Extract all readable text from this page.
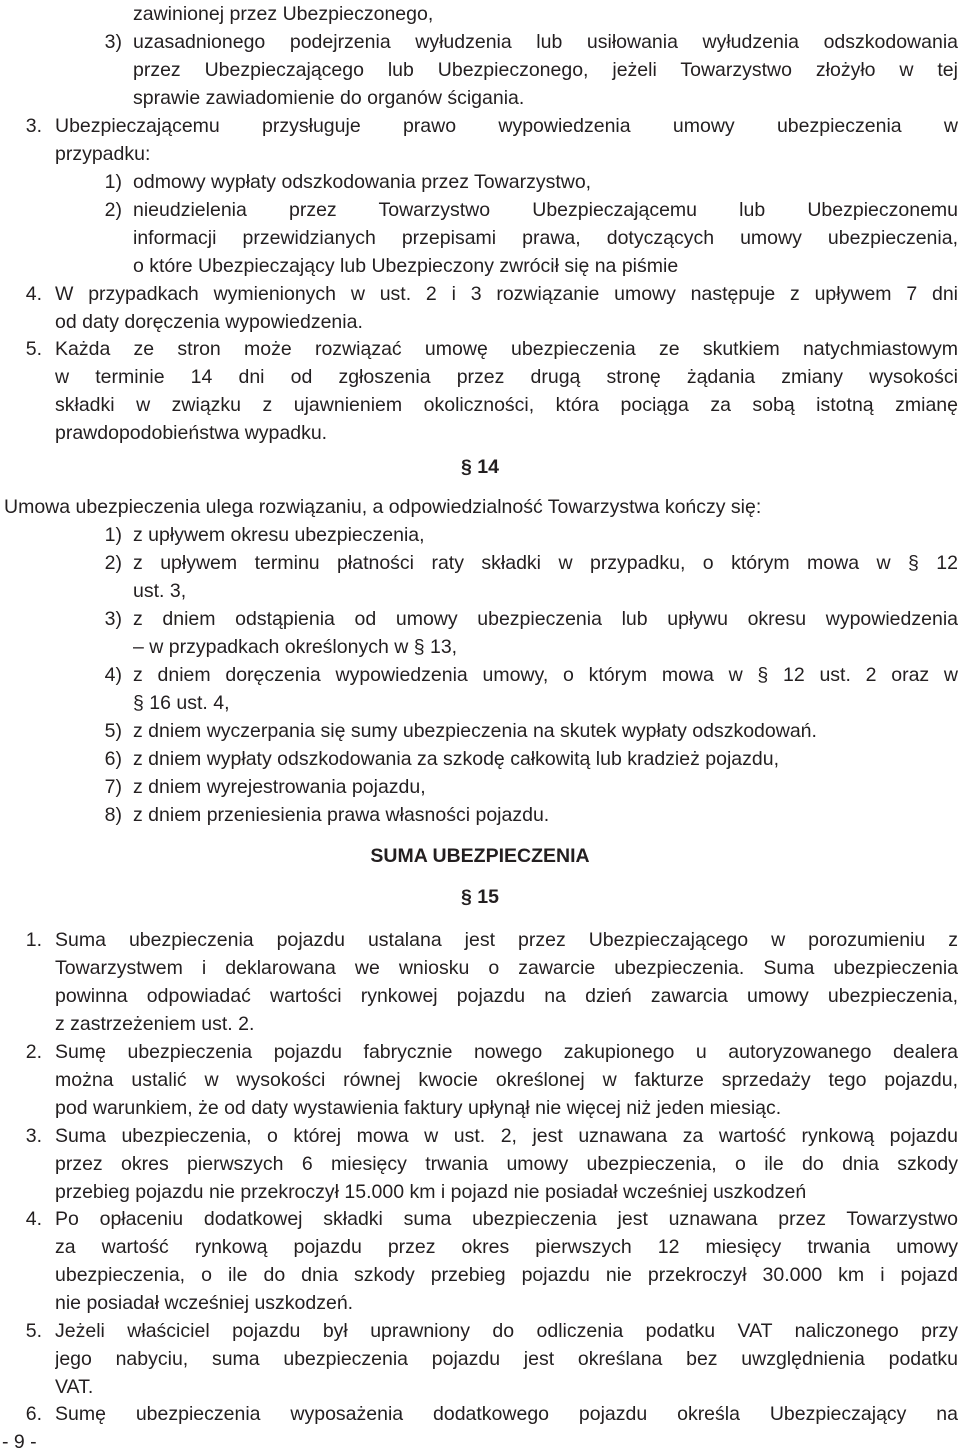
zawinionej przez Ubezpieczonego,
3) uzasadnionego podejrzenia wyłudzenia lub usiłowania wyłudzenia odszkodowania
przez Ubezpieczającego lub Ubezpieczonego, jeżeli Towarzystwo złożyło w tej
sprawie zawiadomienie do organów ścigania.
3. Ubezpieczającemu przysługuje prawo wypowiedzenia umowy ubezpieczenia w
przypadku:
1) odmowy wypłaty odszkodowania przez Towarzystwo,
2) nieudzielenia przez Towarzystwo Ubezpieczającemu lub Ubezpieczonemu
informacji przewidzianych przepisami prawa, dotyczących umowy ubezpieczenia,
o które Ubezpieczający lub Ubezpieczony zwrócił się na piśmie
4. W przypadkach wymienionych w ust. 2 i 3 rozwiązanie umowy następuje z upływem 7 dni
od daty doręczenia wypowiedzenia.
5. Każda ze stron może rozwiązać umowę ubezpieczenia ze skutkiem natychmiastowym
w terminie 14 dni od zgłoszenia przez drugą stronę żądania zmiany wysokości
składki w związku z ujawnieniem okoliczności, która pociąga za sobą istotną zmianę
prawdopodobieństwa wypadku.
§ 14
Umowa ubezpieczenia ulega rozwiązaniu, a odpowiedzialność Towarzystwa kończy się:
1) z upływem okresu ubezpieczenia,
2) z upływem terminu płatności raty składki w przypadku, o którym mowa w § 12
ust. 3,
3) z dniem odstąpienia od umowy ubezpieczenia lub upływu okresu wypowiedzenia
– w przypadkach określonych w § 13,
4) z dniem doręczenia wypowiedzenia umowy, o którym mowa w § 12 ust. 2 oraz w
§ 16 ust. 4,
5) z dniem wyczerpania się sumy ubezpieczenia na skutek wypłaty odszkodowań.
6) z dniem wypłaty odszkodowania za szkodę całkowitą lub kradzież pojazdu,
7) z dniem wyrejestrowania pojazdu,
8) z dniem przeniesienia prawa własności pojazdu.
SUMA UBEZPIECZENIA
§ 15
1. Suma ubezpieczenia pojazdu ustalana jest przez Ubezpieczającego w porozumieniu z
Towarzystwem i deklarowana we wniosku o zawarcie ubezpieczenia. Suma ubezpieczenia
powinna odpowiadać wartości rynkowej pojazdu na dzień zawarcia umowy ubezpieczenia,
z zastrzeżeniem ust. 2.
2. Sumę ubezpieczenia pojazdu fabrycznie nowego zakupionego u autoryzowanego dealera
można ustalić w wysokości równej kwocie określonej w fakturze sprzedaży tego pojazdu,
pod warunkiem, że od daty wystawienia faktury upłynął nie więcej niż jeden miesiąc.
3. Suma ubezpieczenia, o której mowa w ust. 2, jest uznawana za wartość rynkową pojazdu
przez okres pierwszych 6 miesięcy trwania umowy ubezpieczenia, o ile do dnia szkody
przebieg pojazdu nie przekroczył 15.000 km i pojazd nie posiadał wcześniej uszkodzeń
4. Po opłaceniu dodatkowej składki suma ubezpieczenia jest uznawana przez Towarzystwo
za wartość rynkową pojazdu przez okres pierwszych 12 miesięcy trwania umowy
ubezpieczenia, o ile do dnia szkody przebieg pojazdu nie przekroczył 30.000 km i pojazd
nie posiadał wcześniej uszkodzeń.
5. Jeżeli właściciel pojazdu był uprawniony do odliczenia podatku VAT naliczonego przy
jego nabyciu, suma ubezpieczenia pojazdu jest określana bez uwzględnienia podatku
VAT.
6. Sumę ubezpieczenia wyposażenia dodatkowego pojazdu określa Ubezpieczający na
- 9 -
